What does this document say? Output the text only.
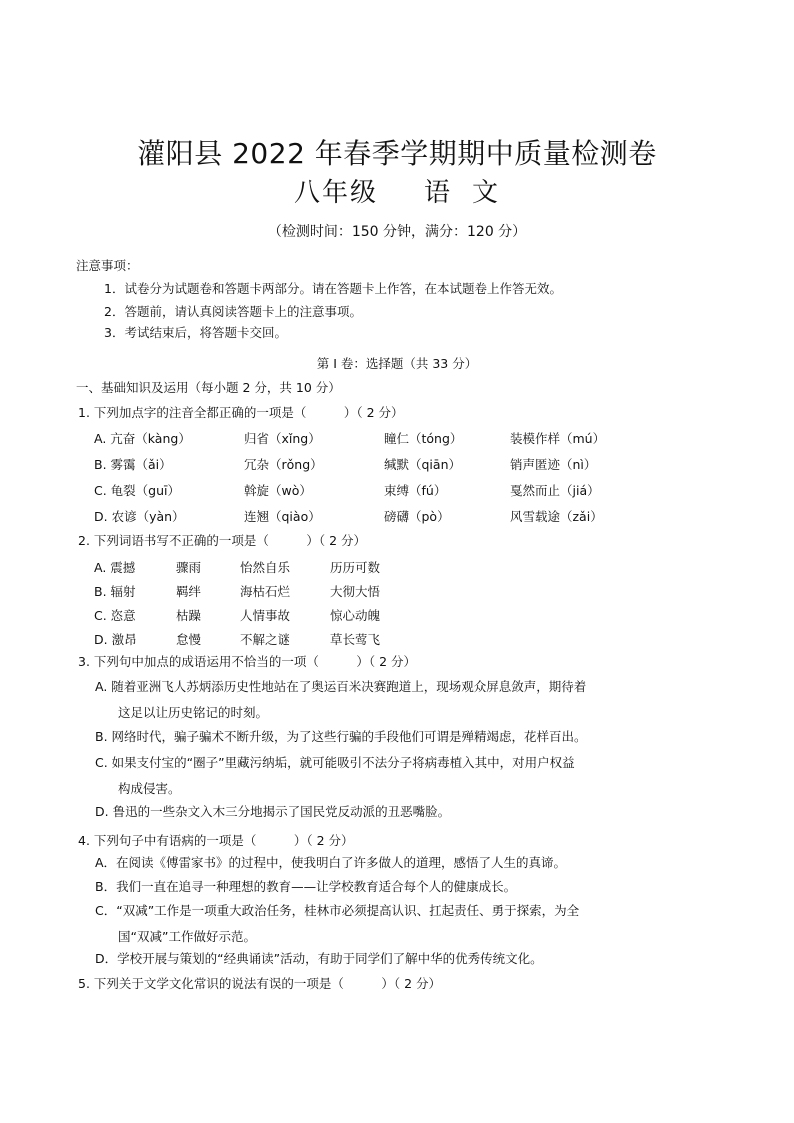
灌阳县 2022 年春季学期期中质量检测卷
八年级 语 文
（检测时间：150 分钟，满分：120 分）
注意事项：
1．试卷分为试题卷和答题卡两部分。请在答题卡上作答，在本试题卷上作答无效。
2．答题前，请认真阅读答题卡上的注意事项。
3．考试结束后，将答题卡交回。
第 I 卷：选择题（共 33 分）
一、基础知识及运用（每小题 2 分，共 10 分）
1. 下列加点字的注音全都正确的一项是（　　　）（ 2 分）
A. 亢奋（kàng）	归省（xǐng）	瞳仁（tóng）	装模作样（mú）
B. 雾霭（ǎi）	冗杂（rǒng）	缄默（qiān）	销声匿迹（nì）
C. 龟裂（guī）	斡旋（wò）	束缚（fú）	戛然而止（jiá）
D. 农谚（yàn）	连翘（qiào）	磅礴（pò）	风雪载途（zǎi）
2. 下列词语书写不正确的一项是（　　　）（ 2 分）
A. 震撼	骤雨	怡然自乐	历历可数
B. 辐射	羁绊	海枯石烂	大彻大悟
C. 恣意	枯躁	人情事故	惊心动魄
D. 激昂	怠慢	不解之谜	草长莺飞
3. 下列句中加点的成语运用不恰当的一项（　　　）（ 2 分）
A. 随着亚洲飞人苏炳添历史性地站在了奥运百米决赛跑道上，现场观众屏息敛声，期待着
这足以让历史铭记的时刻。
B. 网络时代，骗子骗术不断升级，为了这些行骗的手段他们可谓是殚精竭虑，花样百出。
C. 如果支付宝的“圈子”里藏污纳垢，就可能吸引不法分子将病毒植入其中，对用户权益
构成侵害。
D. 鲁迅的一些杂文入木三分地揭示了国民党反动派的丑恶嘴脸。
4. 下列句子中有语病的一项是（　　　）（ 2 分）
A．在阅读《傅雷家书》的过程中，使我明白了许多做人的道理，感悟了人生的真谛。
B．我们一直在追寻一种理想的教育——让学校教育适合每个人的健康成长。
C．“双减”工作是一项重大政治任务，桂林市必须提高认识、扛起责任、勇于探索，为全
国“双减”工作做好示范。
D．学校开展与策划的“经典诵读”活动，有助于同学们了解中华的优秀传统文化。
5. 下列关于文学文化常识的说法有误的一项是（　　　）（ 2 分）
